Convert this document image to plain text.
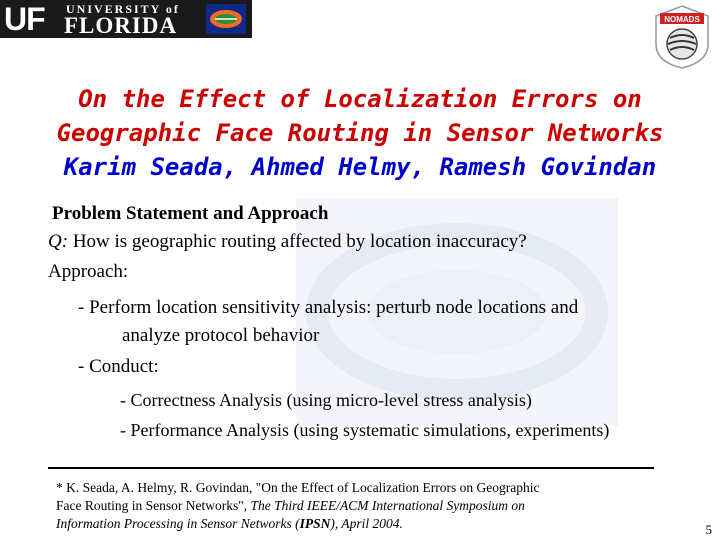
UF UNIVERSITY of
FLORIDA	NOMADS
On the Effect of Localization Errors on
Geographic Face Routing in Sensor Networks
Karim Seada, Ahmed Helmy, Ramesh Govindan
Problem Statement and Approach
Q: How is geographic routing affected by location inaccuracy?
Approach:
- Perform location sensitivity analysis: perturb node locations and
analyze protocol behavior
- Conduct:
- Correctness Analysis (using micro-level stress analysis)
- Performance Analysis (using systematic simulations, experiments)
* K. Seada, A. Helmy, R. Govindan, "On the Effect of Localization Errors on Geographic
Face Routing in Sensor Networks", The Third IEEE/ACM International Symposium on
Information Processing in Sensor Networks (IPSN), April 2004.	5
